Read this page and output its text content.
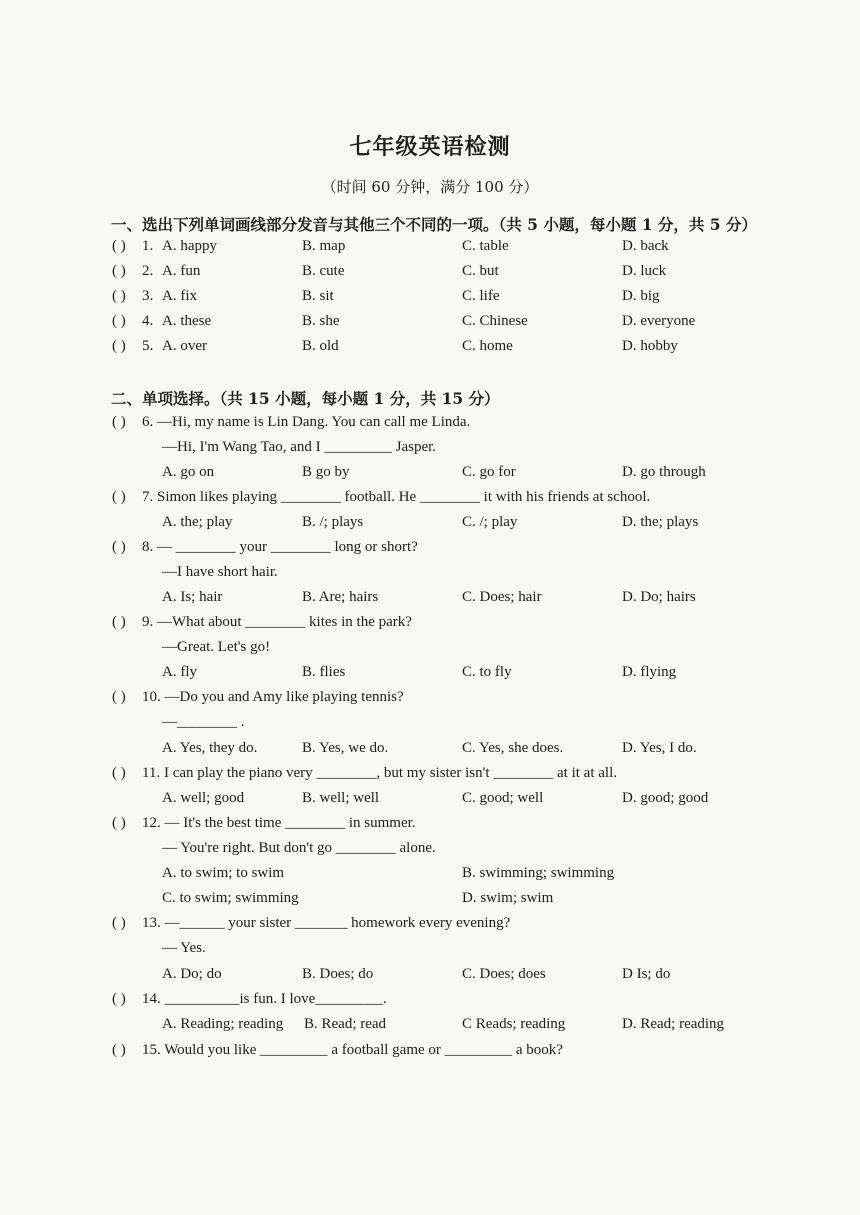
七年级英语检测
（时间 60 分钟，满分 100 分）
一、选出下列单词画线部分发音与其他三个不同的一项。（共 5 小题，每小题 1 分，共 5 分）
( ) 1. A. happy	B. map	C. table	D. back
( ) 2. A. fun	B. cute	C. but	D. luck
( ) 3. A. fix	B. sit	C. life	D. big
( ) 4. A. these	B. she	C. Chinese	D. everyone
( ) 5. A. over	B. old	C. home	D. hobby
二、单项选择。（共 15 小题，每小题 1 分，共 15 分）
( ) 6. —Hi, my name is Lin Dang. You can call me Linda.
—Hi, I'm Wang Tao, and I _________ Jasper.
A. go on	B go by	C. go for	D. go through
( ) 7. Simon likes playing ________ football. He ________ it with his friends at school.
A. the; play	B. /; plays	C. /; play	D. the; plays
( ) 8. — ________ your ________ long or short?
—I have short hair.
A. Is; hair	B. Are; hairs	C. Does; hair	D. Do; hairs
( ) 9. —What about ________ kites in the park?
—Great. Let's go!
A. fly	B. flies	C. to fly	D. flying
( ) 10. —Do you and Amy like playing tennis?
—________ .
A. Yes, they do.	B. Yes, we do.	C. Yes, she does.	D. Yes, I do.
( ) 11. I can play the piano very ________, but my sister isn't ________ at it at all.
A. well; good	B. well; well	C. good; well	D. good; good
( ) 12. — It's the best time ________ in summer.
— You're right. But don't go ________ alone.
A. to swim; to swim	B. swimming; swimming
C. to swim; swimming	D. swim; swim
( ) 13. —______ your sister _______ homework every evening?
— Yes.
A. Do; do	B. Does; do	C. Does; does	D Is; do
( ) 14. __________is fun. I love_________.
A. Reading; reading B. Read; read	C Reads; reading	D. Read; reading
( ) 15. Would you like _________ a football game or _________ a book?
